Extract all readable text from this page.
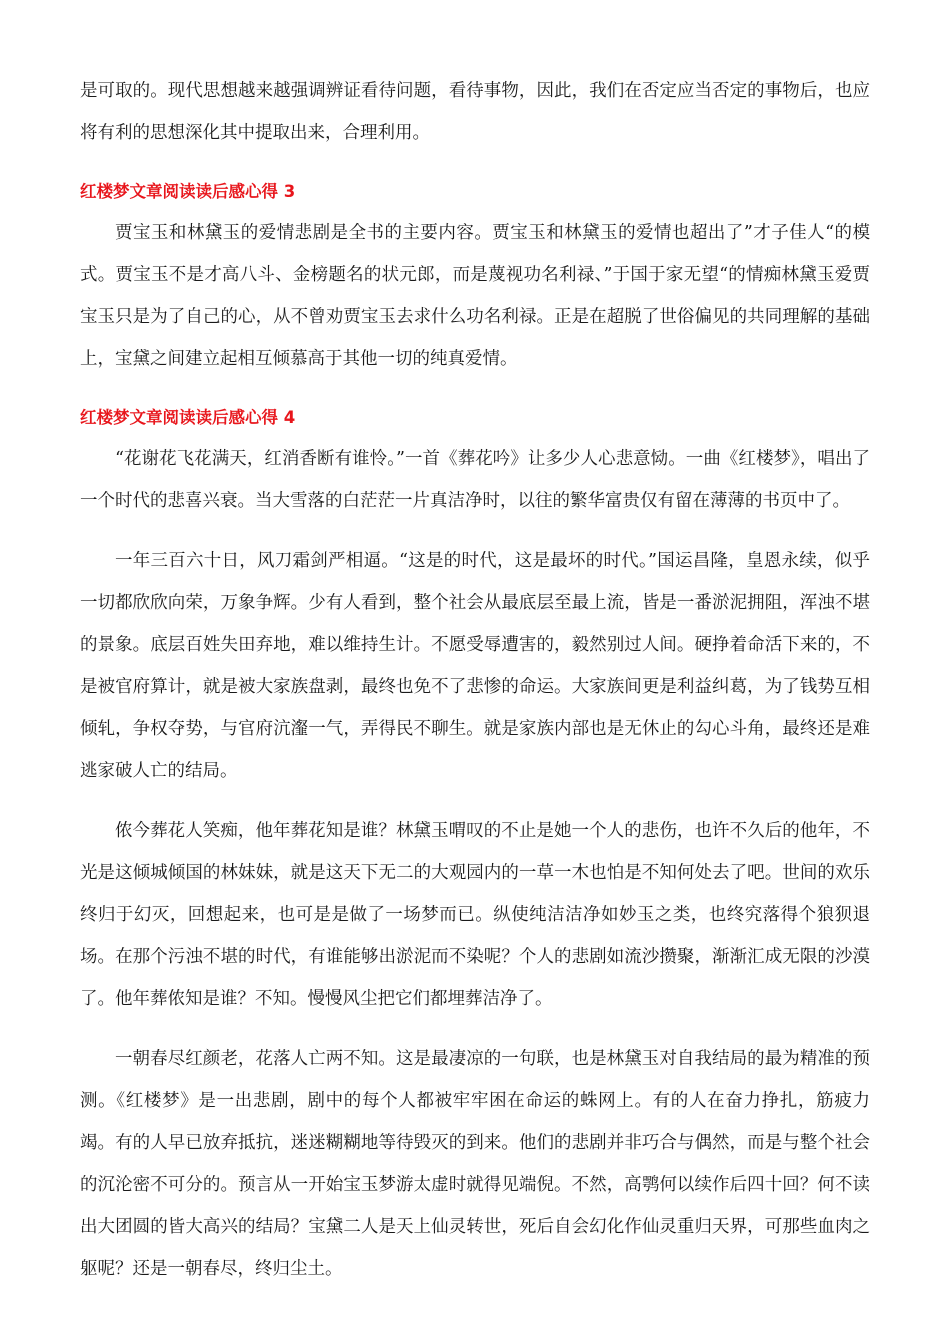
是可取的。现代思想越来越强调辨证看待问题，看待事物，因此，我们在否定应当否定的事物后，也应将有利的思想深化其中提取出来，合理利用。

红楼梦文章阅读读后感心得 3

贾宝玉和林黛玉的爱情悲剧是全书的主要内容。贾宝玉和林黛玉的爱情也超出了”才子佳人“的模式。贾宝玉不是才高八斗、金榜题名的状元郎，而是蔑视功名利禄、”于国于家无望“的情痴林黛玉爱贾宝玉只是为了自己的心，从不曾劝贾宝玉去求什么功名利禄。正是在超脱了世俗偏见的共同理解的基础上，宝黛之间建立起相互倾慕高于其他一切的纯真爱情。

红楼梦文章阅读读后感心得 4

“花谢花飞花满天，红消香断有谁怜。”一首《葬花吟》让多少人心悲意恸。一曲《红楼梦》，唱出了一个时代的悲喜兴衰。当大雪落的白茫茫一片真洁净时，以往的繁华富贵仅有留在薄薄的书页中了。

一年三百六十日，风刀霜剑严相逼。“这是的时代，这是最坏的时代。”国运昌隆，皇恩永续，似乎一切都欣欣向荣，万象争辉。少有人看到，整个社会从最底层至最上流，皆是一番淤泥拥阻，浑浊不堪的景象。底层百姓失田弃地，难以维持生计。不愿受辱遭害的，毅然别过人间。硬挣着命活下来的，不是被官府算计，就是被大家族盘剥，最终也免不了悲惨的命运。大家族间更是利益纠葛，为了钱势互相倾轧，争权夺势，与官府沆瀣一气，弄得民不聊生。就是家族内部也是无休止的勾心斗角，最终还是难逃家破人亡的结局。

侬今葬花人笑痴，他年葬花知是谁？林黛玉喟叹的不止是她一个人的悲伤，也许不久后的他年，不光是这倾城倾国的林妹妹，就是这天下无二的大观园内的一草一木也怕是不知何处去了吧。世间的欢乐终归于幻灭，回想起来，也可是是做了一场梦而已。纵使纯洁洁净如妙玉之类，也终究落得个狼狈退场。在那个污浊不堪的时代，有谁能够出淤泥而不染呢？个人的悲剧如流沙攒聚，渐渐汇成无限的沙漠了。他年葬侬知是谁？不知。慢慢风尘把它们都埋葬洁净了。

一朝春尽红颜老，花落人亡两不知。这是最凄凉的一句联，也是林黛玉对自我结局的最为精准的预测。《红楼梦》是一出悲剧，剧中的每个人都被牢牢困在命运的蛛网上。有的人在奋力挣扎，筋疲力竭。有的人早已放弃抵抗，迷迷糊糊地等待毁灭的到来。他们的悲剧并非巧合与偶然，而是与整个社会的沉沦密不可分的。预言从一开始宝玉梦游太虚时就得见端倪。不然，高鹗何以续作后四十回？何不读出大团圆的皆大高兴的结局？宝黛二人是天上仙灵转世，死后自会幻化作仙灵重归天界，可那些血肉之躯呢？还是一朝春尽，终归尘土。
